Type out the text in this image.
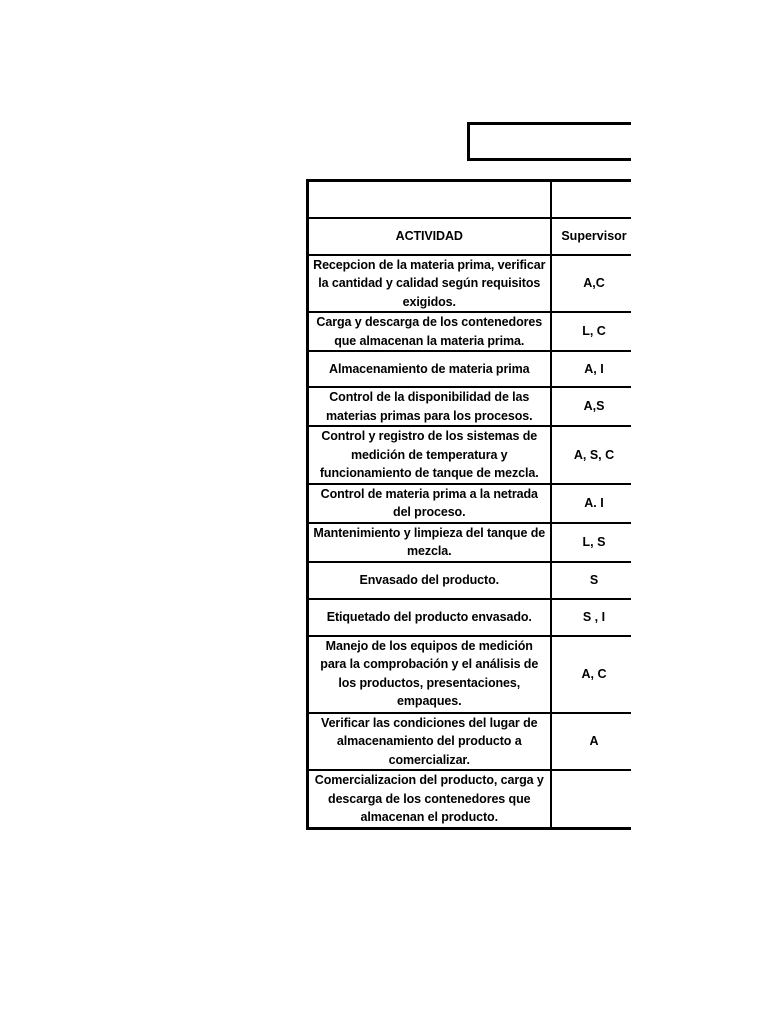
ACTIVIDAD	Supervisor
Recepcion de la materia prima, verificar la cantidad y calidad según requisitos exigidos.	A,C
Carga y descarga de los contenedores que almacenan la materia prima.	L, C
Almacenamiento de materia prima	A, I
Control de la disponibilidad de las materias primas para los procesos.	A,S
Control y registro de los sistemas de medición de temperatura y funcionamiento de tanque de mezcla.	A, S, C
Control de materia prima a la netrada del proceso.	A. I
Mantenimiento y limpieza del tanque de mezcla.	L, S
Envasado del producto.	S
Etiquetado del producto envasado.	S , I
Manejo de los equipos de medición para la comprobación y el análisis de los productos, presentaciones, empaques.	A, C
Verificar las condiciones del lugar de almacenamiento del producto a comercializar.	A
Comercializacion del producto, carga y descarga de los contenedores que almacenan el producto.	
